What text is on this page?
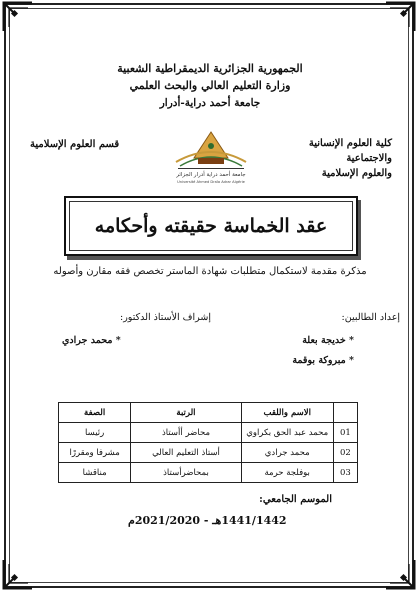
الجمهورية الجزائرية الديمقراطية الشعبية
وزارة التعليم العالي والبحث العلمي
جامعة أحمد دراية-أدرار
كلية العلوم الإنسانية والاجتماعية
والعلوم الإسلامية
قسم العلوم الإسلامية
جامعة أحمد دراية أدرار الجزائر
Université Ahmed Draïa Adrar Algérie
عقد الخماسة حقيقته وأحكامه
مذكرة مقدمة لاستكمال متطلبات شهادة الماستر تخصص فقه مقارن وأصوله
إعداد الطالبين:
إشراف الأستاذ الدكتور:
* خديجة بعلة
* مبروكة بوقمة
* محمد جرادي
	الاسم واللقب	الرتبة	الصفة
01	محمد عبد الحق بكراوي	محاضر أأستاذ	رئيسا
02	محمد جرادي	أستاذ التعليم العالي	مشرفا ومقررًا
03	بوفلجة حرمة	بمحاضرأستاذ	مناقشا
الموسم الجامعي:
1441/1442هـ - 2021/2020م
